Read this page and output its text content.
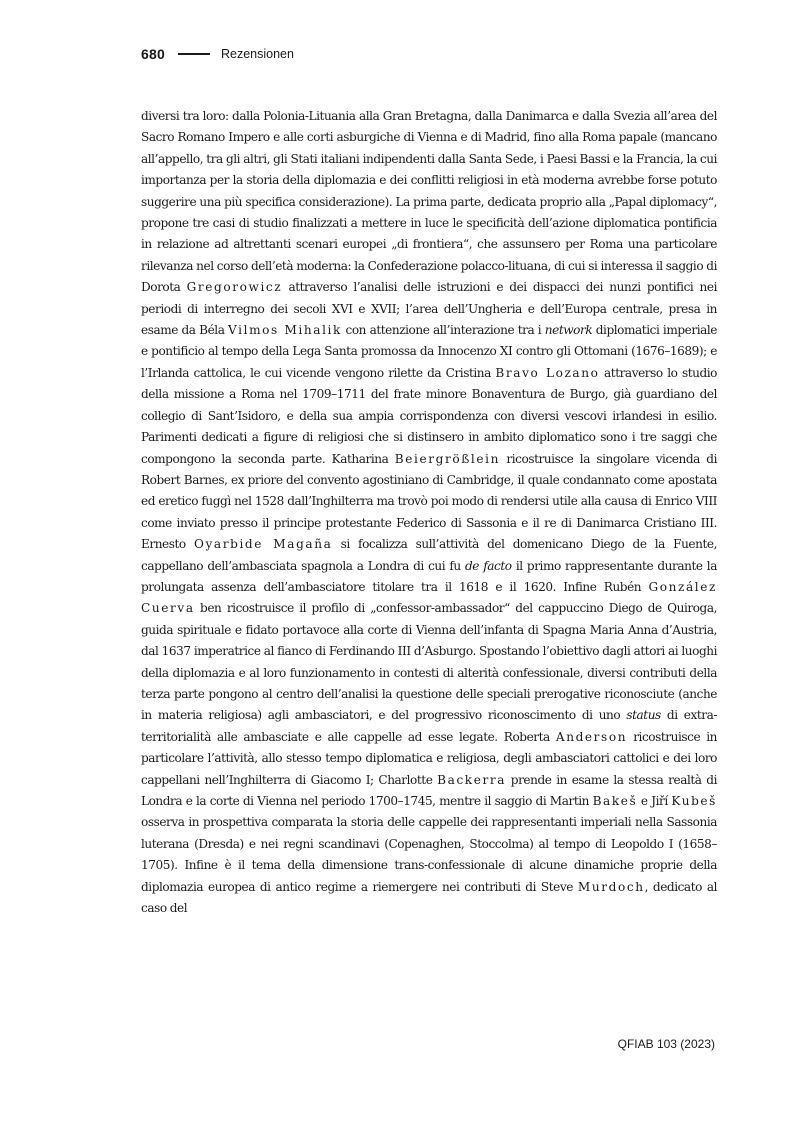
680	Rezensionen

diversi tra loro: dalla Polonia-Lituania alla Gran Bretagna, dalla Danimarca e dalla Svezia all’area del Sacro Romano Impero e alle corti asburgiche di Vienna e di Madrid, fino alla Roma papale (mancano all’appello, tra gli altri, gli Stati italiani indipendenti dalla Santa Sede, i Paesi Bassi e la Francia, la cui importanza per la storia della diplomazia e dei conflitti religiosi in età moderna avrebbe forse potuto suggerire una più specifica considerazione). La prima parte, dedicata proprio alla „Papal diplomacy“, propone tre casi di studio finalizzati a mettere in luce le specificità dell’azione diplomatica pontificia in relazione ad altrettanti scenari europei „di frontiera“, che assunsero per Roma una particolare rilevanza nel corso dell’età moderna: la Confederazione polacco-lituana, di cui si interessa il saggio di Dorota Gregorowicz attraverso l’analisi delle istruzioni e dei dispacci dei nunzi pontifici nei periodi di interregno dei secoli XVI e XVII; l’area dell’Ungheria e dell’Europa centrale, presa in esame da Béla Vilmos Mihalik con attenzione all’interazione tra i network diplomatici imperiale e pontificio al tempo della Lega Santa promossa da Innocenzo XI contro gli Ottomani (1676–1689); e l’Irlanda cattolica, le cui vicende vengono rilette da Cristina Bravo Lozano attraverso lo studio della missione a Roma nel 1709–1711 del frate minore Bonaventura de Burgo, già guardiano del collegio di Sant’Isidoro, e della sua ampia corrispondenza con diversi vescovi irlandesi in esilio. Parimenti dedicati a figure di religiosi che si distinsero in ambito diplomatico sono i tre saggi che compongono la seconda parte. Katharina Beiergrößlein ricostruisce la singolare vicenda di Robert Barnes, ex priore del convento agostiniano di Cambridge, il quale condannato come apostata ed eretico fuggì nel 1528 dall’Inghilterra ma trovò poi modo di rendersi utile alla causa di Enrico VIII come inviato presso il principe protestante Federico di Sassonia e il re di Danimarca Cristiano III. Ernesto Oyarbide Magaña si focalizza sull’attività del domenicano Diego de la Fuente, cappellano dell’ambasciata spagnola a Londra di cui fu de facto il primo rappresentante durante la prolungata assenza dell’ambasciatore titolare tra il 1618 e il 1620. Infine Rubén González Cuerva ben ricostruisce il profilo di „confessor-ambassador“ del cappuccino Diego de Quiroga, guida spirituale e fidato portavoce alla corte di Vienna dell’infanta di Spagna Maria Anna d’Austria, dal 1637 imperatrice al fianco di Ferdinando III d’Asburgo. Spostando l’obiettivo dagli attori ai luoghi della diplomazia e al loro funzionamento in contesti di alterità confessionale, diversi contributi della terza parte pongono al centro dell’analisi la questione delle speciali prerogative riconosciute (anche in materia religiosa) agli ambasciatori, e del progressivo riconoscimento di uno status di extra-territorialità alle ambasciate e alle cappelle ad esse legate. Roberta Anderson ricostruisce in particolare l’attività, allo stesso tempo diplomatica e religiosa, degli ambasciatori cattolici e dei loro cappellani nell’Inghilterra di Giacomo I; Charlotte Backerra prende in esame la stessa realtà di Londra e la corte di Vienna nel periodo 1700–1745, mentre il saggio di Martin Bakeš e Jiří Kubeš osserva in prospettiva comparata la storia delle cappelle dei rappresentanti imperiali nella Sassonia luterana (Dresda) e nei regni scandinavi (Copenaghen, Stoccolma) al tempo di Leopoldo I (1658–1705). Infine è il tema della dimensione trans-confessionale di alcune dinamiche proprie della diplomazia europea di antico regime a riemergere nei contributi di Steve Murdoch, dedicato al caso del

QFIAB 103 (2023)
